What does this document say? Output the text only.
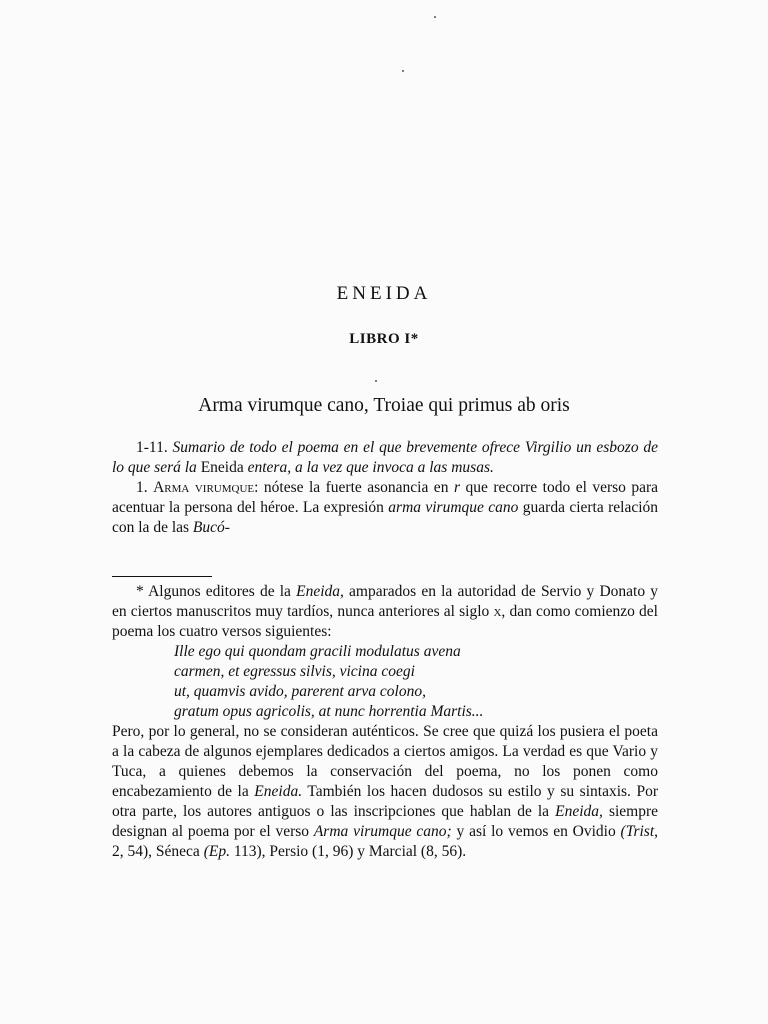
ENEIDA
LIBRO I*
Arma virumque cano, Troiae qui primus ab oris

1-11. Sumario de todo el poema en el que brevemente ofrece Virgilio un esbozo de lo que será la Eneida entera, a la vez que invoca a las musas.

1. Arma virumque: nótese la fuerte asonancia en r que recorre todo el verso para acentuar la persona del héroe. La expresión arma virumque cano guarda cierta relación con la de las Bucó-

* Algunos editores de la Eneida, amparados en la autoridad de Servio y Donato y en ciertos manuscritos muy tardíos, nunca anteriores al siglo x, dan como comienzo del poema los cuatro versos siguientes:

Ille ego qui quondam gracili modulatus avena
carmen, et egressus silvis, vicina coegi
ut, quamvis avido, parerent arva colono,
gratum opus agricolis, at nunc horrentia Martis...

Pero, por lo general, no se consideran auténticos. Se cree que quizá los pusiera el poeta a la cabeza de algunos ejemplares dedicados a ciertos amigos. La verdad es que Vario y Tuca, a quienes debemos la conservación del poema, no los ponen como encabezamiento de la Eneida. También los hacen dudosos su estilo y su sintaxis. Por otra parte, los autores antiguos o las inscripciones que hablan de la Eneida, siempre designan al poema por el verso Arma virumque cano; y así lo vemos en Ovidio (Trist, 2, 54), Séneca (Ep. 113), Persio (1, 96) y Marcial (8, 56).
